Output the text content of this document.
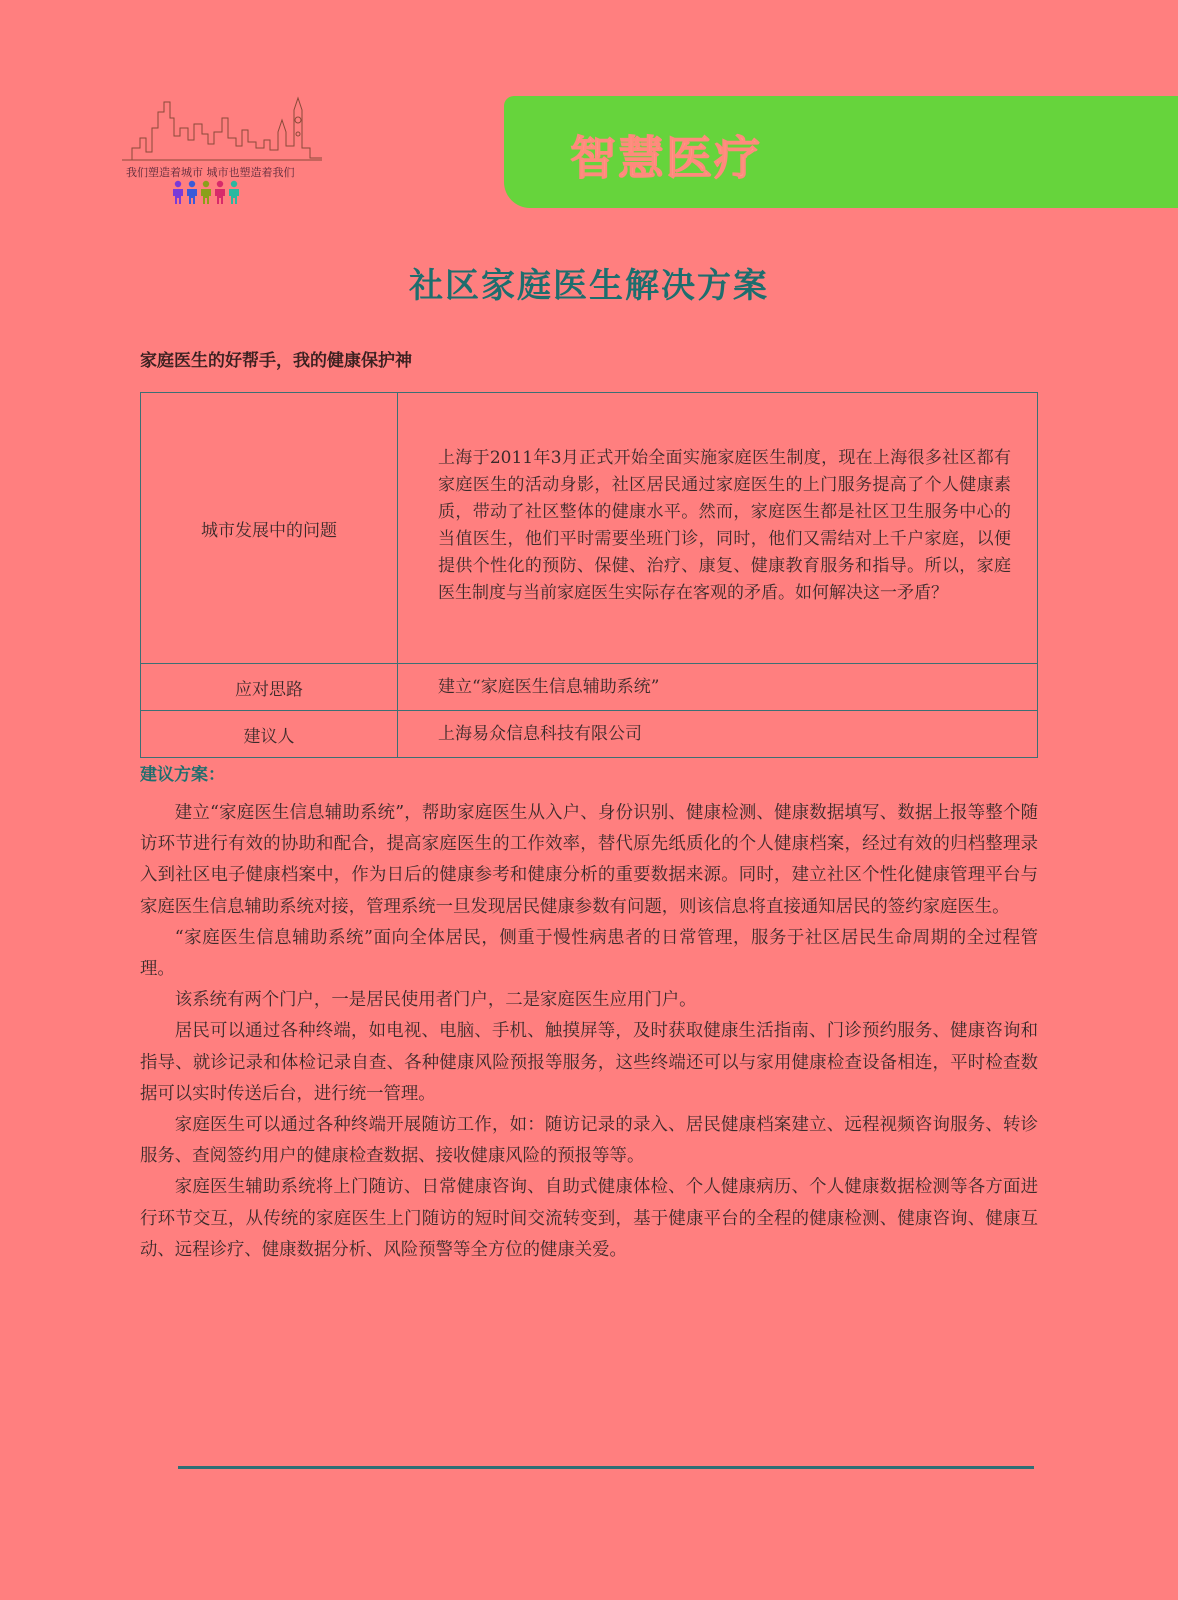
我们塑造着城市 城市也塑造着我们	智慧医疗
社区家庭医生解决方案
家庭医生的好帮手，我的健康保护神
城市发展中的问题	上海于2011年3月正式开始全面实施家庭医生制度，现在上海很多社区都有家庭医生的活动身影，社区居民通过家庭医生的上门服务提高了个人健康素质，带动了社区整体的健康水平。然而，家庭医生都是社区卫生服务中心的当值医生，他们平时需要坐班门诊，同时，他们又需结对上千户家庭，以便提供个性化的预防、保健、治疗、康复、健康教育服务和指导。所以，家庭医生制度与当前家庭医生实际存在客观的矛盾。如何解决这一矛盾？
应对思路	建立“家庭医生信息辅助系统”
建议人	上海易众信息科技有限公司
建议方案：

建立“家庭医生信息辅助系统”，帮助家庭医生从入户、身份识别、健康检测、健康数据填写、数据上报等整个随访环节进行有效的协助和配合，提高家庭医生的工作效率，替代原先纸质化的个人健康档案，经过有效的归档整理录入到社区电子健康档案中，作为日后的健康参考和健康分析的重要数据来源。同时，建立社区个性化健康管理平台与家庭医生信息辅助系统对接，管理系统一旦发现居民健康参数有问题，则该信息将直接通知居民的签约家庭医生。

“家庭医生信息辅助系统”面向全体居民，侧重于慢性病患者的日常管理，服务于社区居民生命周期的全过程管理。

该系统有两个门户，一是居民使用者门户，二是家庭医生应用门户。

居民可以通过各种终端，如电视、电脑、手机、触摸屏等，及时获取健康生活指南、门诊预约服务、健康咨询和指导、就诊记录和体检记录自查、各种健康风险预报等服务，这些终端还可以与家用健康检查设备相连，平时检查数据可以实时传送后台，进行统一管理。

家庭医生可以通过各种终端开展随访工作，如：随访记录的录入、居民健康档案建立、远程视频咨询服务、转诊服务、查阅签约用户的健康检查数据、接收健康风险的预报等等。

家庭医生辅助系统将上门随访、日常健康咨询、自助式健康体检、个人健康病历、个人健康数据检测等各方面进行环节交互，从传统的家庭医生上门随访的短时间交流转变到，基于健康平台的全程的健康检测、健康咨询、健康互动、远程诊疗、健康数据分析、风险预警等全方位的健康关爱。
